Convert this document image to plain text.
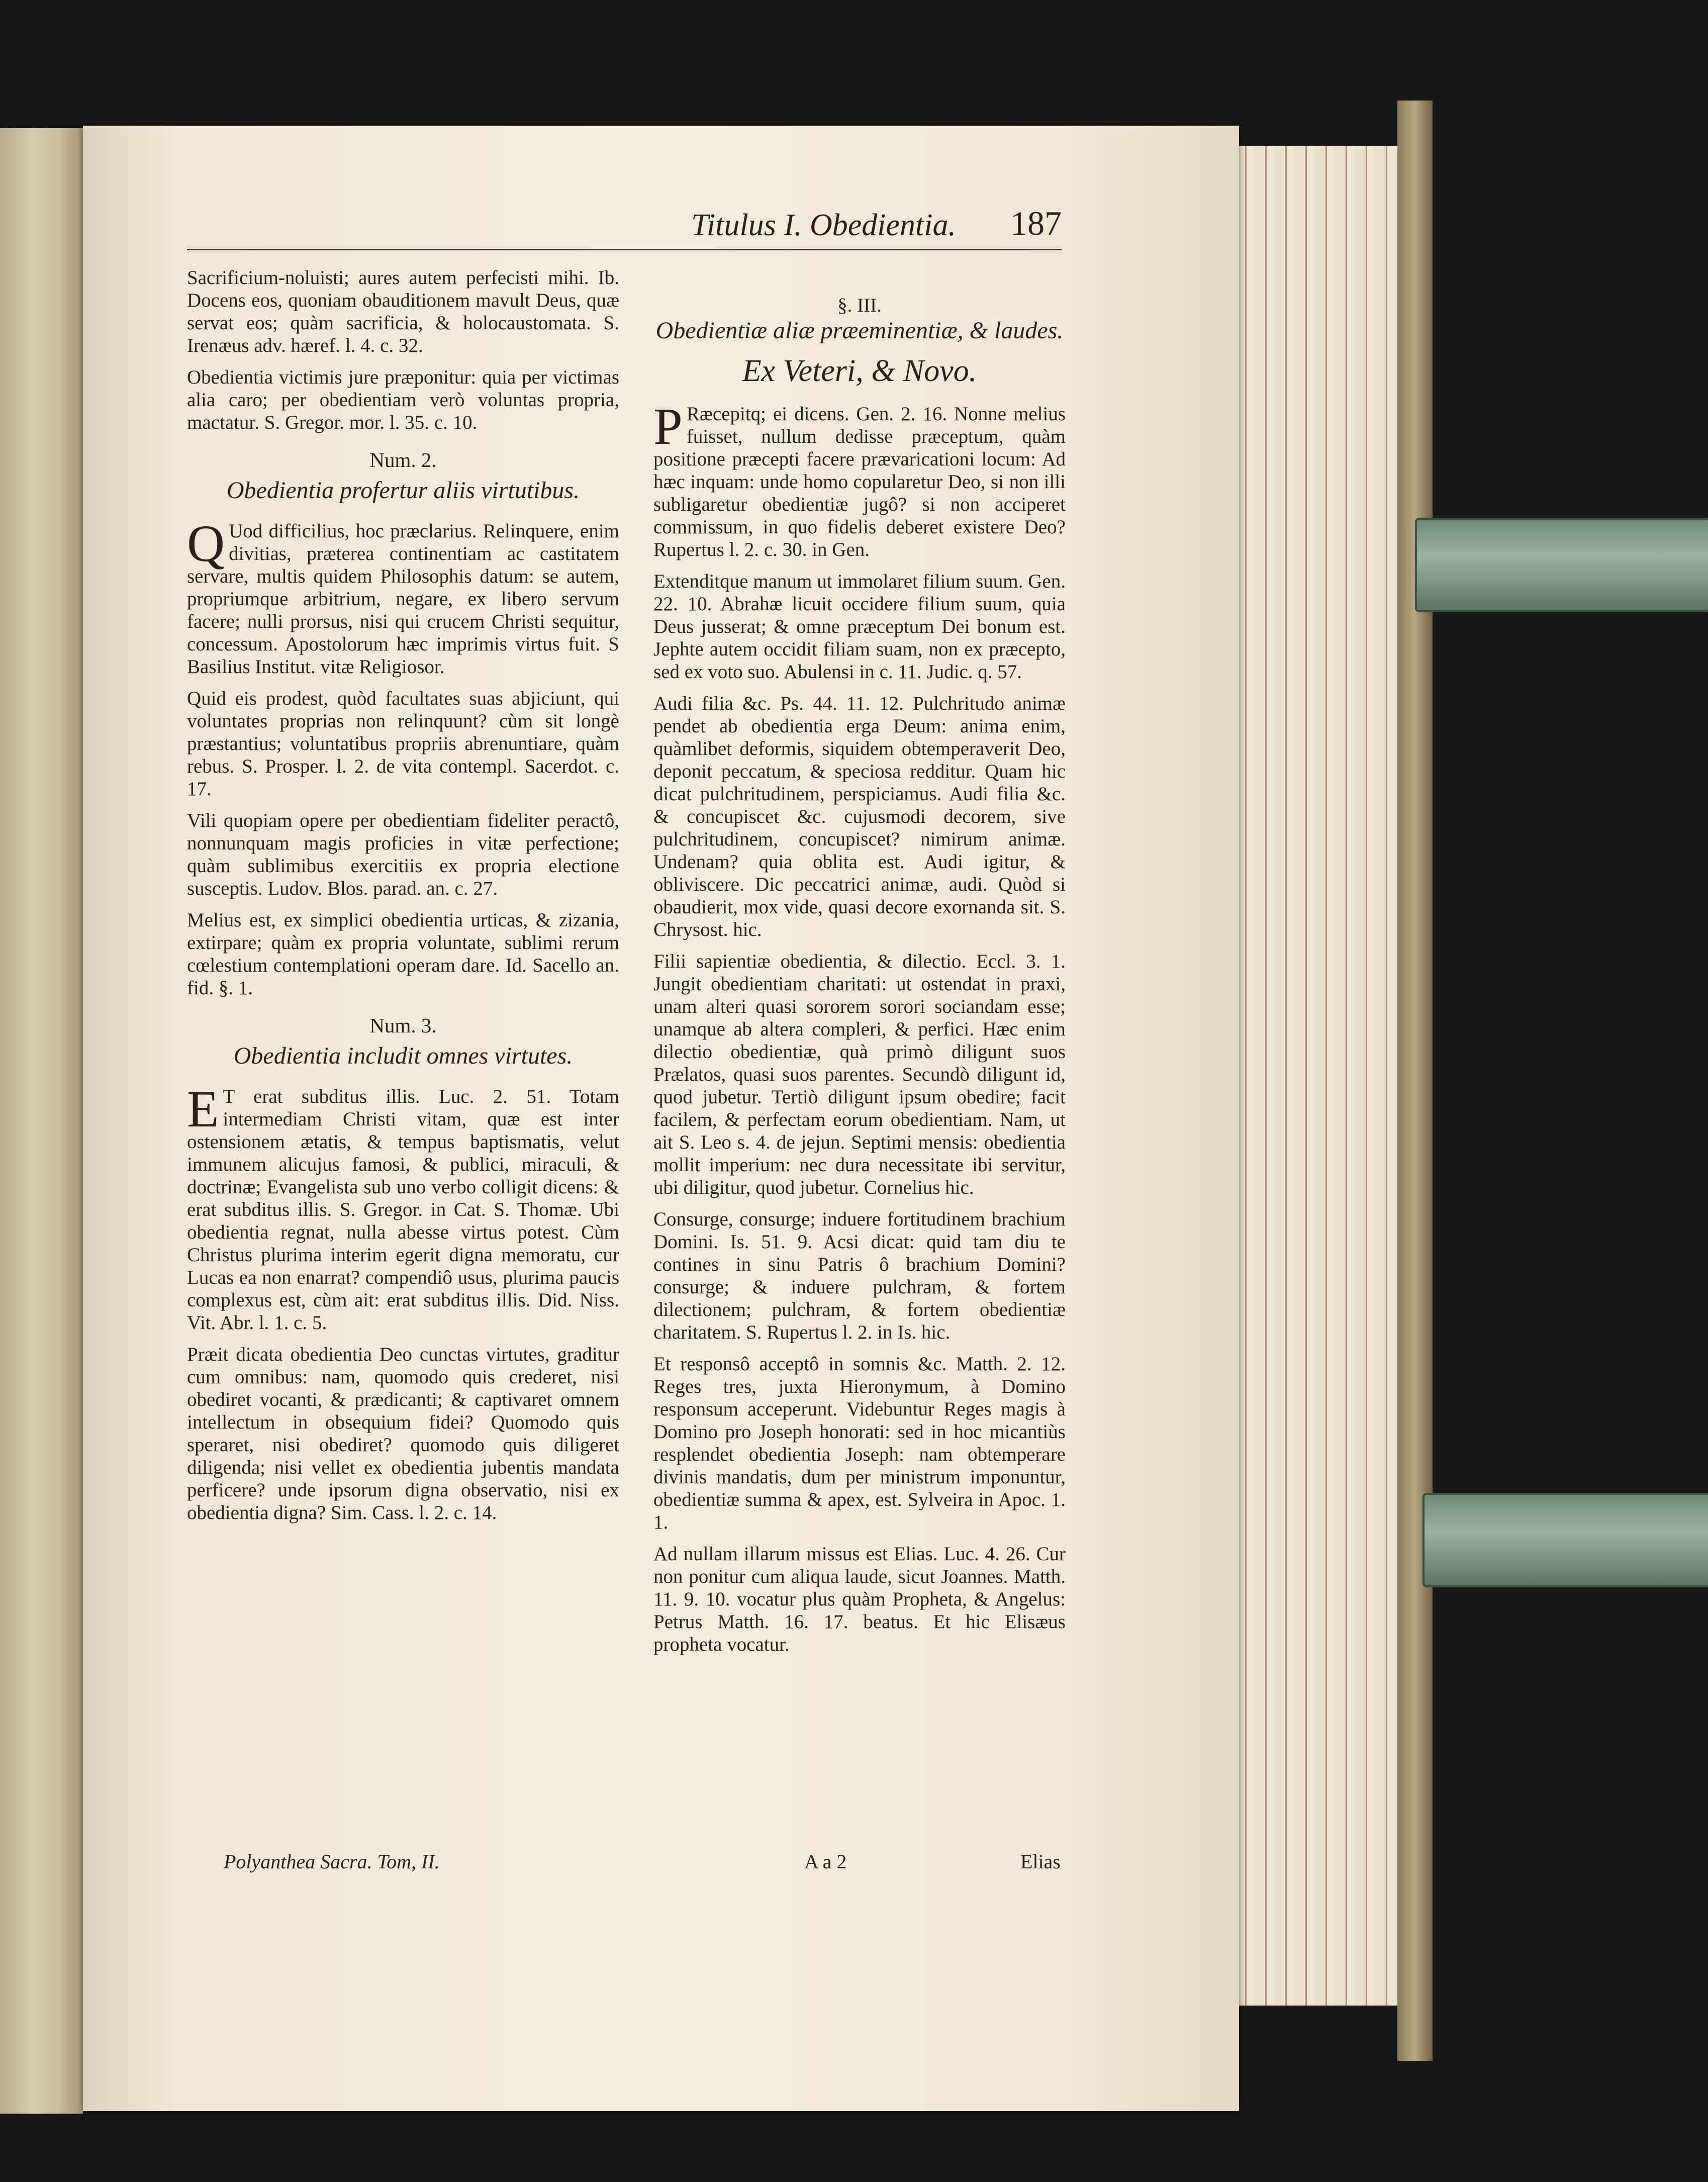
Titulus I. Obedientia. 187

Sacrificium-noluisti; aures autem perfecisti mihi. Ib. Docens eos, quoniam obauditionem mavult Deus, quæ servat eos; quàm sacrificia, & holocaustomata. S. Irenæus adv. hæref. l. 4. c. 32.

Obedientia victimis jure præponitur: quia per victimas alia caro; per obedientiam verò voluntas propria, mactatur. S. Gregor. mor. l. 35. c. 10.

Num. 2.

Obedientia profertur aliis virtutibus.

Q Uod difficilius, hoc præclarius. Relinquere, enim divitias, præterea continentiam ac castitatem servare, multis quidem Philosophis datum: se autem, propriumque arbitrium, negare, ex libero servum facere; nulli prorsus, nisi qui crucem Christi sequitur, concessum. Apostolorum hæc imprimis virtus fuit. S Basilius Institut. vitæ Religiosor.

Quid eis prodest, quòd facultates suas abjiciunt, qui voluntates proprias non relinquunt? cùm sit longè præstantius; voluntatibus propriis abrenuntiare, quàm rebus. S. Prosper. l. 2. de vita contempl. Sacerdot. c. 17.

Vili quopiam opere per obedientiam fideliter peractô, nonnunquam magis proficies in vitæ perfectione; quàm sublimibus exercitiis ex propria electione susceptis. Ludov. Blos. parad. an. c. 27.

Melius est, ex simplici obedientia urticas, & zizania, extirpare; quàm ex propria voluntate, sublimi rerum cœlestium contemplationi operam dare. Id. Sacello an. fid. §. 1.

Num. 3.

Obedientia includit omnes virtutes.

E T erat subditus illis. Luc. 2. 51. Totam intermediam Christi vitam, quæ est inter ostensionem ætatis, & tempus baptismatis, velut immunem alicujus famosi, & publici, miraculi, & doctrinæ; Evangelista sub uno verbo colligit dicens: & erat subditus illis. S. Gregor. in Cat. S. Thomæ. Ubi obedientia regnat, nulla abesse virtus potest. Cùm Christus plurima interim egerit digna memoratu, cur Lucas ea non enarrat? compendiô usus, plurima paucis complexus est, cùm ait: erat subditus illis. Did. Niss. Vit. Abr. l. 1. c. 5.

Præit dicata obedientia Deo cunctas virtutes, graditur cum omnibus: nam, quomodo quis crederet, nisi obediret vocanti, & prædicanti; & captivaret omnem intellectum in obsequium fidei? Quomodo quis speraret, nisi obediret? quomodo quis diligeret diligenda; nisi vellet ex obedientia jubentis mandata perficere? unde ipsorum digna observatio, nisi ex obedientia digna? Sim. Cass. l. 2. c. 14.

Polyanthea Sacra. Tom, II.

§. III.

Obedientiæ aliæ præeminentiæ, & laudes.

Ex Veteri, & Novo.

P Ræcepitq; ei dicens. Gen. 2. 16. Nonne melius fuisset, nullum dedisse præceptum, quàm positione præcepti facere prævaricationi locum: Ad hæc inquam: unde homo copularetur Deo, si non illi subligaretur obedientiæ jugô? si non acciperet commissum, in quo fidelis deberet existere Deo? Rupertus l. 2. c. 30. in Gen.

Extenditque manum ut immolaret filium suum. Gen. 22. 10. Abrahæ licuit occidere filium suum, quia Deus jusserat; & omne præceptum Dei bonum est. Jephte autem occidit filiam suam, non ex præcepto, sed ex voto suo. Abulensi in c. 11. Judic. q. 57.

Audi filia &c. Ps. 44. 11. 12. Pulchritudo animæ pendet ab obedientia erga Deum: anima enim, quàmlibet deformis, siquidem obtemperaverit Deo, deponit peccatum, & speciosa redditur. Quam hic dicat pulchritudinem, perspiciamus. Audi filia &c. & concupiscet &c. cujusmodi decorem, sive pulchritudinem, concupiscet? nimirum animæ. Undenam? quia oblita est. Audi igitur, & obliviscere. Dic peccatrici animæ, audi. Quòd si obaudierit, mox vide, quasi decore exornanda sit. S. Chrysost. hic.

Filii sapientiæ obedientia, & dilectio. Eccl. 3. 1. Jungit obedientiam charitati: ut ostendat in praxi, unam alteri quasi sororem sorori sociandam esse; unamque ab altera compleri, & perfici. Hæc enim dilectio obedientiæ, quà primò diligunt suos Prælatos, quasi suos parentes. Secundò diligunt id, quod jubetur. Tertiò diligunt ipsum obedire; facit facilem, & perfectam eorum obedientiam. Nam, ut ait S. Leo s. 4. de jejun. Septimi mensis: obedientia mollit imperium: nec dura necessitate ibi servitur, ubi diligitur, quod jubetur. Cornelius hic.

Consurge, consurge; induere fortitudinem brachium Domini. Is. 51. 9. Acsi dicat: quid tam diu te contines in sinu Patris ô brachium Domini? consurge; & induere pulchram, & fortem dilectionem; pulchram, & fortem obedientiæ charitatem. S. Rupertus l. 2. in Is. hic.

Et responsô acceptô in somnis &c. Matth. 2. 12. Reges tres, juxta Hieronymum, à Domino responsum acceperunt. Videbuntur Reges magis à Domino pro Joseph honorati: sed in hoc micantiùs resplendet obedientia Joseph: nam obtemperare divinis mandatis, dum per ministrum imponuntur, obedientiæ summa & apex, est. Sylveira in Apoc. 1. 1.

Ad nullam illarum missus est Elias. Luc. 4. 26. Cur non ponitur cum aliqua laude, sicut Joannes. Matth. 11. 9. 10. vocatur plus quàm Propheta, & Angelus: Petrus Matth. 16. 17. beatus. Et hic Elisæus propheta vocatur.

A a 2	Elias
